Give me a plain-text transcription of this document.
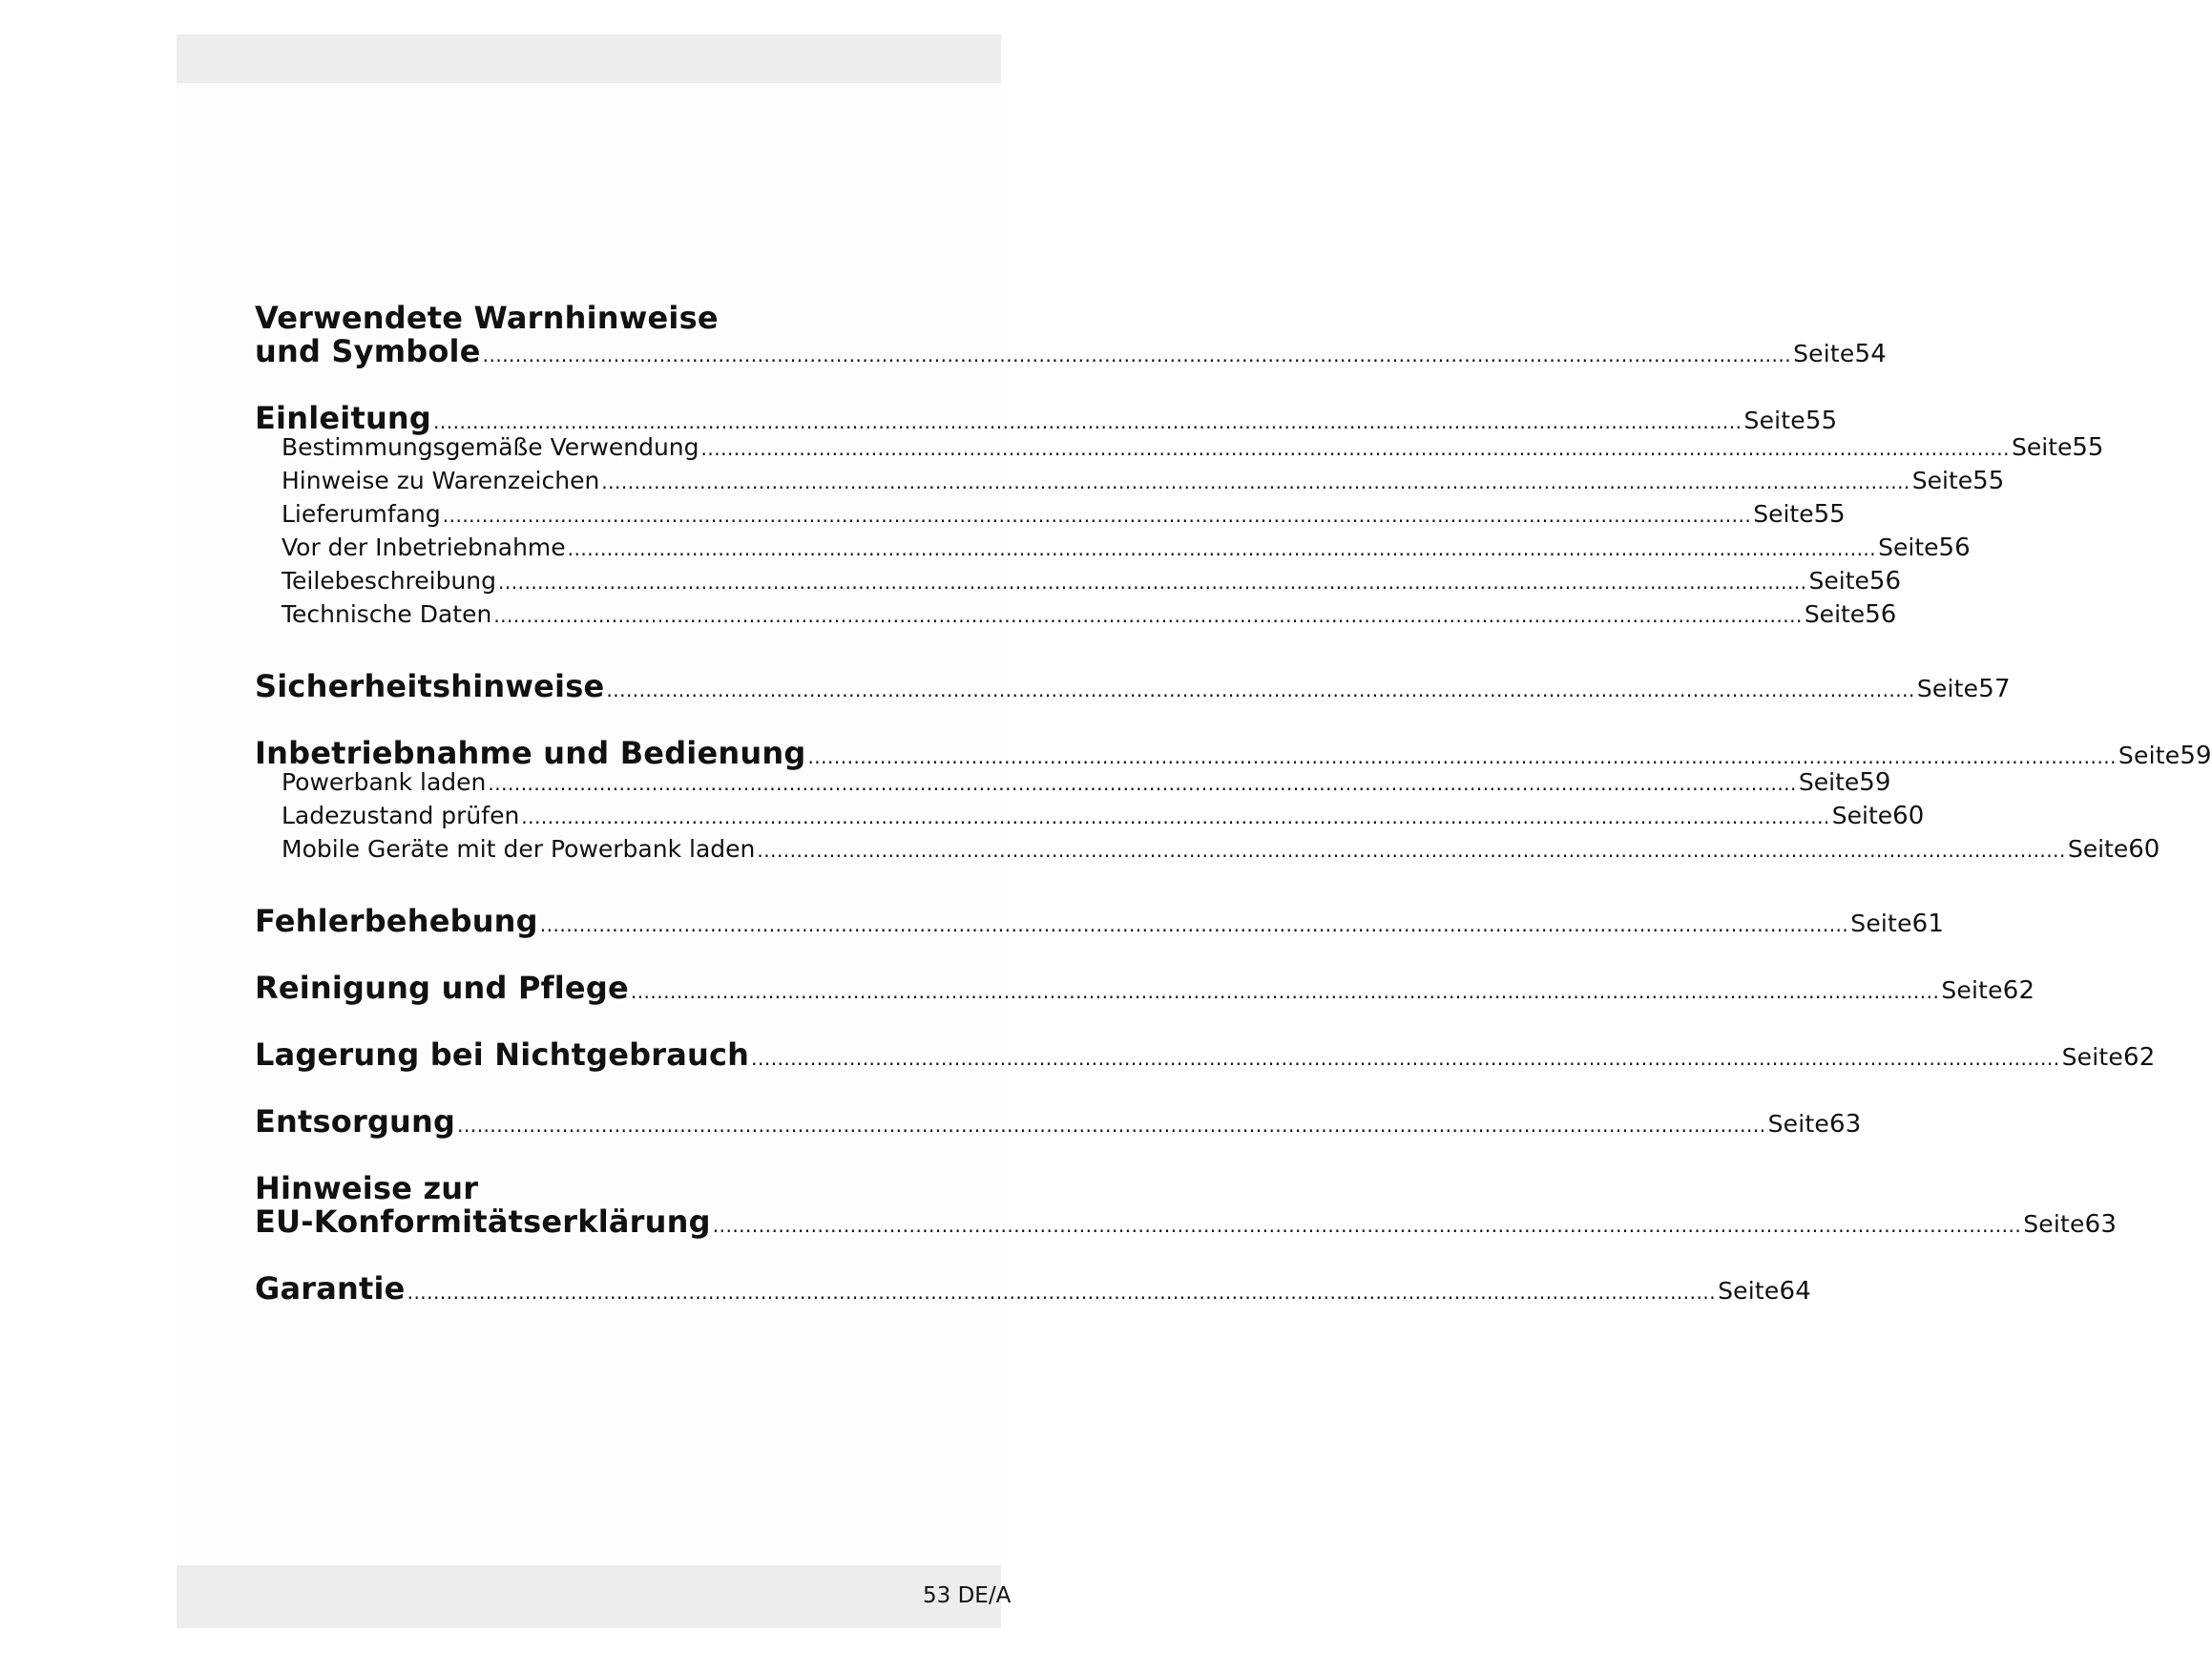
Verwendete Warnhinweise
und Symbole .....	Seite 54
Einleitung .....	Seite 55
Bestimmungsgemäße Verwendung .....	Seite 55
Hinweise zu Warenzeichen .....	Seite 55
Lieferumfang .....	Seite 55
Vor der Inbetriebnahme .....	Seite 56
Teilebeschreibung .....	Seite 56
Technische Daten .....	Seite 56
Sicherheitshinweise .....	Seite 57
Inbetriebnahme und Bedienung .....	Seite 59
Powerbank laden .....	Seite 59
Ladezustand prüfen .....	Seite 60
Mobile Geräte mit der Powerbank laden .....	Seite 60
Fehlerbehebung .....	Seite 61
Reinigung und Pflege .....	Seite 62
Lagerung bei Nichtgebrauch .....	Seite 62
Entsorgung .....	Seite 63
Hinweise zur
EU-Konformitätserklärung .....	Seite 63
Garantie .....	Seite 64
53 DE/A
